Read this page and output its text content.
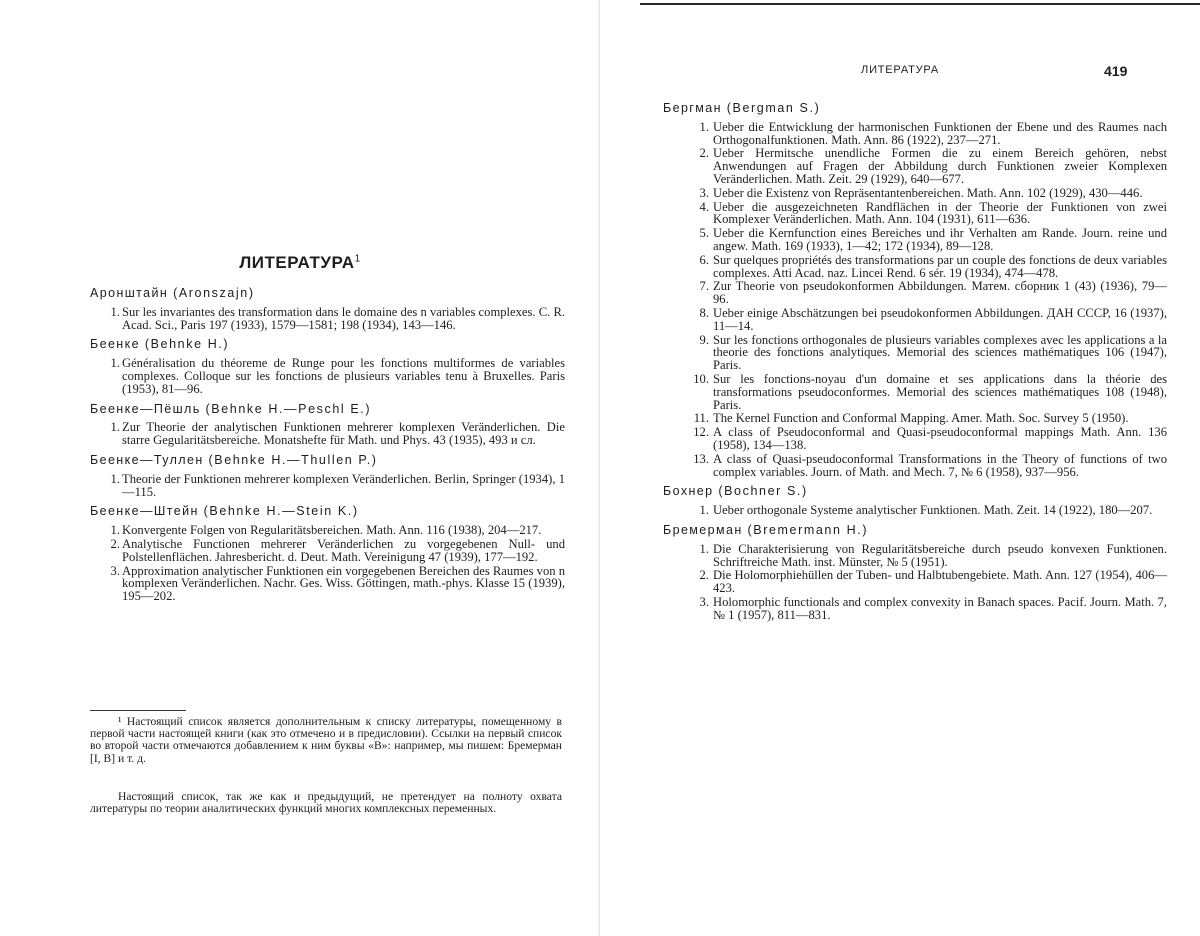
ЛИТЕРАТУРА$^1$
Аронштайн (Aronszajn)
1. Sur les invariantes des transformation dans le domaine des n variables complexes. C. R. Acad. Sci., Paris 197 (1933), 1579—1581; 198 (1934), 143—146.
Беенке (Behnke H.)
1. Généralisation du théoreme de Runge pour les fonctions multiformes de variables complexes. Colloque sur les fonctions de plusieurs variables tenu à Bruxelles. Paris (1953), 81—96.
Беенке—Пёшль (Behnke H.—Peschl E.)
1. Zur Theorie der analytischen Funktionen mehrerer komplexen Veränderlichen. Die starre Gegularitätsbereiche. Monatshefte für Math. und Phys. 43 (1935), 493 и сл.
Беенке—Туллен (Behnke H.—Thullen P.)
1. Theorie der Funktionen mehrerer komplexen Veränderlichen. Berlin, Springer (1934), 1—115.
Беенке—Штейн (Behnke H.—Stein K.)
1. Konvergente Folgen von Regularitätsbereichen. Math. Ann. 116 (1938), 204—217.
2. Analytische Functionen mehrerer Veränderlichen zu vorgegebenen Null- und Polstellenflächen. Jahresbericht. d. Deut. Math. Vereinigung 47 (1939), 177—192.
3. Approximation analytischer Funktionen ein vorgegebenen Bereichen des Raumes von n komplexen Veränderlichen. Nachr. Ges. Wiss. Göttingen, math.-phys. Klasse 15 (1939), 195—202.

¹ Настоящий список является дополнительным к списку литературы, помещенному в первой части настоящей книги (как это отмечено и в предисловии). Ссылки на первый список во второй части отмечаются добавлением к ним буквы «В»: например, мы пишем: Бремерман [I, В] и т. д.

Настоящий список, так же как и предыдущий, не претендует на полноту охвата литературы по теории аналитических функций многих комплексных переменных.

ЛИТЕРАТУРА	419
Бергман (Bergman S.)
1. Ueber die Entwicklung der harmonischen Funktionen der Ebene und des Raumes nach Orthogonalfunktionen. Math. Ann. 86 (1922), 237—271.
2. Ueber Hermitsche unendliche Formen die zu einem Bereich gehören, nebst Anwendungen auf Fragen der Abbildung durch Funktionen zweier Komplexen Veränderlichen. Math. Zeit. 29 (1929), 640—677.
3. Ueber die Existenz von Repräsentantenbereichen. Math. Ann. 102 (1929), 430—446.
4. Ueber die ausgezeichneten Randflächen in der Theorie der Funktionen von zwei Komplexer Veränderlichen. Math. Ann. 104 (1931), 611—636.
5. Ueber die Kernfunction eines Bereiches und ihr Verhalten am Rande. Journ. reine und angew. Math. 169 (1933), 1—42; 172 (1934), 89—128.
6. Sur quelques propriétés des transformations par un couple des fonctions de deux variables complexes. Atti Acad. naz. Lincei Rend. 6 sér. 19 (1934), 474—478.
7. Zur Theorie von pseudokonformen Abbildungen. Матем. сборник 1 (43) (1936), 79—96.
8. Ueber einige Abschätzungen bei pseudokonformen Abbildungen. ДАН СССР, 16 (1937), 11—14.
9. Sur les fonctions orthogonales de plusieurs variables complexes avec les applications a la theorie des fonctions analytiques. Memorial des sciences mathématiques 106 (1947), Paris.
10. Sur les fonctions-noyau d'un domaine et ses applications dans la théorie des transformations pseudoconformes. Memorial des sciences mathématiques 108 (1948), Paris.
11. The Kernel Function and Conformal Mapping. Amer. Math. Soc. Survey 5 (1950).
12. A class of Pseudoconformal and Quasi-pseudoconformal mappings Math. Ann. 136 (1958), 134—138.
13. A class of Quasi-pseudoconformal Transformations in the Theory of functions of two complex variables. Journ. of Math. and Mech. 7, № 6 (1958), 937—956.
Бохнер (Bochner S.)
1. Ueber orthogonale Systeme analytischer Funktionen. Math. Zeit. 14 (1922), 180—207.
Бремерман (Bremermann H.)
1. Die Charakterisierung von Regularitätsbereiche durch pseudo konvexen Funktionen. Schriftreiche Math. inst. Münster, № 5 (1951).
2. Die Holomorphiehüllen der Tuben- und Halbtubengebiete. Math. Ann. 127 (1954), 406—423.
3. Holomorphic functionals and complex convexity in Banach spaces. Pacif. Journ. Math. 7, № 1 (1957), 811—831.
